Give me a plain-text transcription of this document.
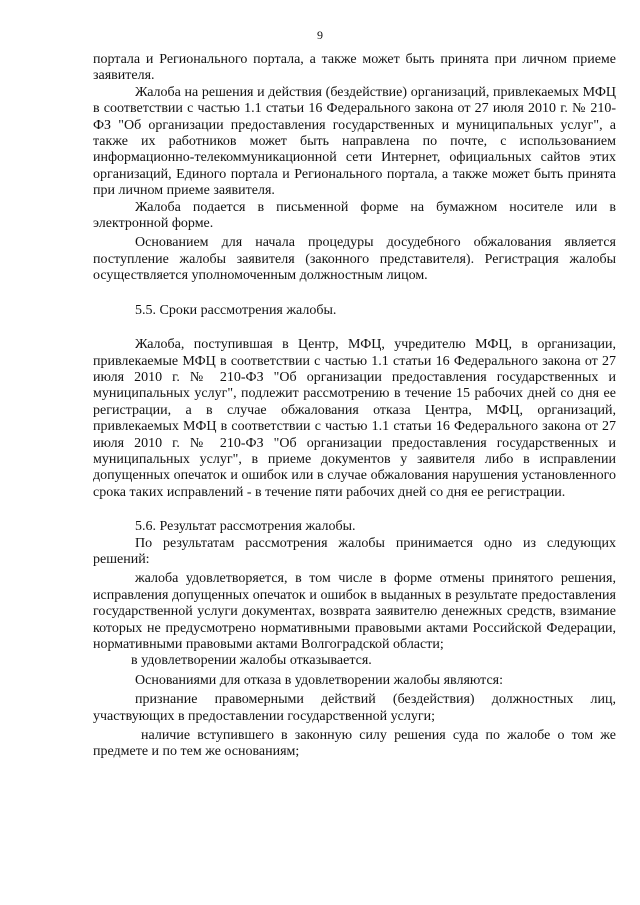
9

портала и Регионального портала, а также может быть принята при личном приеме заявителя.

Жалоба на решения и действия (бездействие) организаций, привлекаемых МФЦ в соответствии с частью 1.1 статьи 16 Федерального закона от 27 июля 2010 г. № 210-ФЗ "Об организации предоставления государственных и муниципальных услуг", а также их работников может быть направлена по почте, с использованием информационно-телекоммуникационной сети Интернет, официальных сайтов этих организаций, Единого портала и Регионального портала, а также может быть принята при личном приеме заявителя.

Жалоба подается в письменной форме на бумажном носителе или в электронной форме.

Основанием для начала процедуры досудебного обжалования является поступление жалобы заявителя (законного представителя). Регистрация жалобы осуществляется уполномоченным должностным лицом.

5.5. Сроки рассмотрения жалобы.

Жалоба, поступившая в Центр, МФЦ, учредителю МФЦ, в организации, привлекаемые МФЦ в соответствии с частью 1.1 статьи 16 Федерального закона от 27 июля 2010 г. № 210-ФЗ "Об организации предоставления государственных и муниципальных услуг", подлежит рассмотрению в течение 15 рабочих дней со дня ее регистрации, а в случае обжалования отказа Центра, МФЦ, организаций, привлекаемых МФЦ в соответствии с частью 1.1 статьи 16 Федерального закона от 27 июля 2010 г. № 210-ФЗ "Об организации предоставления государственных и муниципальных услуг", в приеме документов у заявителя либо в исправлении допущенных опечаток и ошибок или в случае обжалования нарушения установленного срока таких исправлений - в течение пяти рабочих дней со дня ее регистрации.

5.6. Результат рассмотрения жалобы.

По результатам рассмотрения жалобы принимается одно из следующих решений:

жалоба удовлетворяется, в том числе в форме отмены принятого решения, исправления допущенных опечаток и ошибок в выданных в результате предоставления государственной услуги документах, возврата заявителю денежных средств, взимание которых не предусмотрено нормативными правовыми актами Российской Федерации, нормативными правовыми актами Волгоградской области;

в удовлетворении жалобы отказывается.

Основаниями для отказа в удовлетворении жалобы являются:

признание правомерными действий (бездействия) должностных лиц, участвующих в предоставлении государственной услуги;

наличие вступившего в законную силу решения суда по жалобе о том же предмете и по тем же основаниям;
